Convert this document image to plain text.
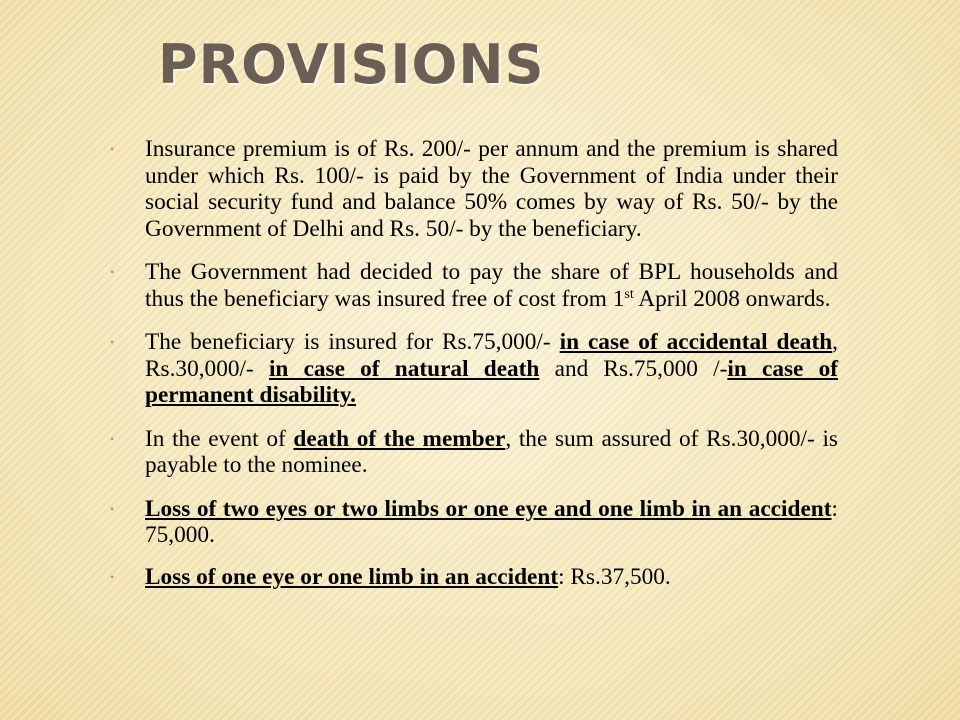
PROVISIONS
• Insurance premium is of Rs. 200/- per annum and the premium is shared under which Rs. 100/- is paid by the Government of India under their social security fund and balance 50% comes by way of Rs. 50/- by the Government of Delhi and Rs. 50/- by the beneficiary.
• The Government had decided to pay the share of BPL households and thus the beneficiary was insured free of cost from 1st April 2008 onwards.
• The beneficiary is insured for Rs.75,000/- in case of accidental death, Rs.30,000/- in case of natural death and Rs.75,000 /-in case of permanent disability.
• In the event of death of the member, the sum assured of Rs.30,000/- is payable to the nominee.
• Loss of two eyes or two limbs or one eye and one limb in an accident: 75,000.
• Loss of one eye or one limb in an accident: Rs.37,500.
